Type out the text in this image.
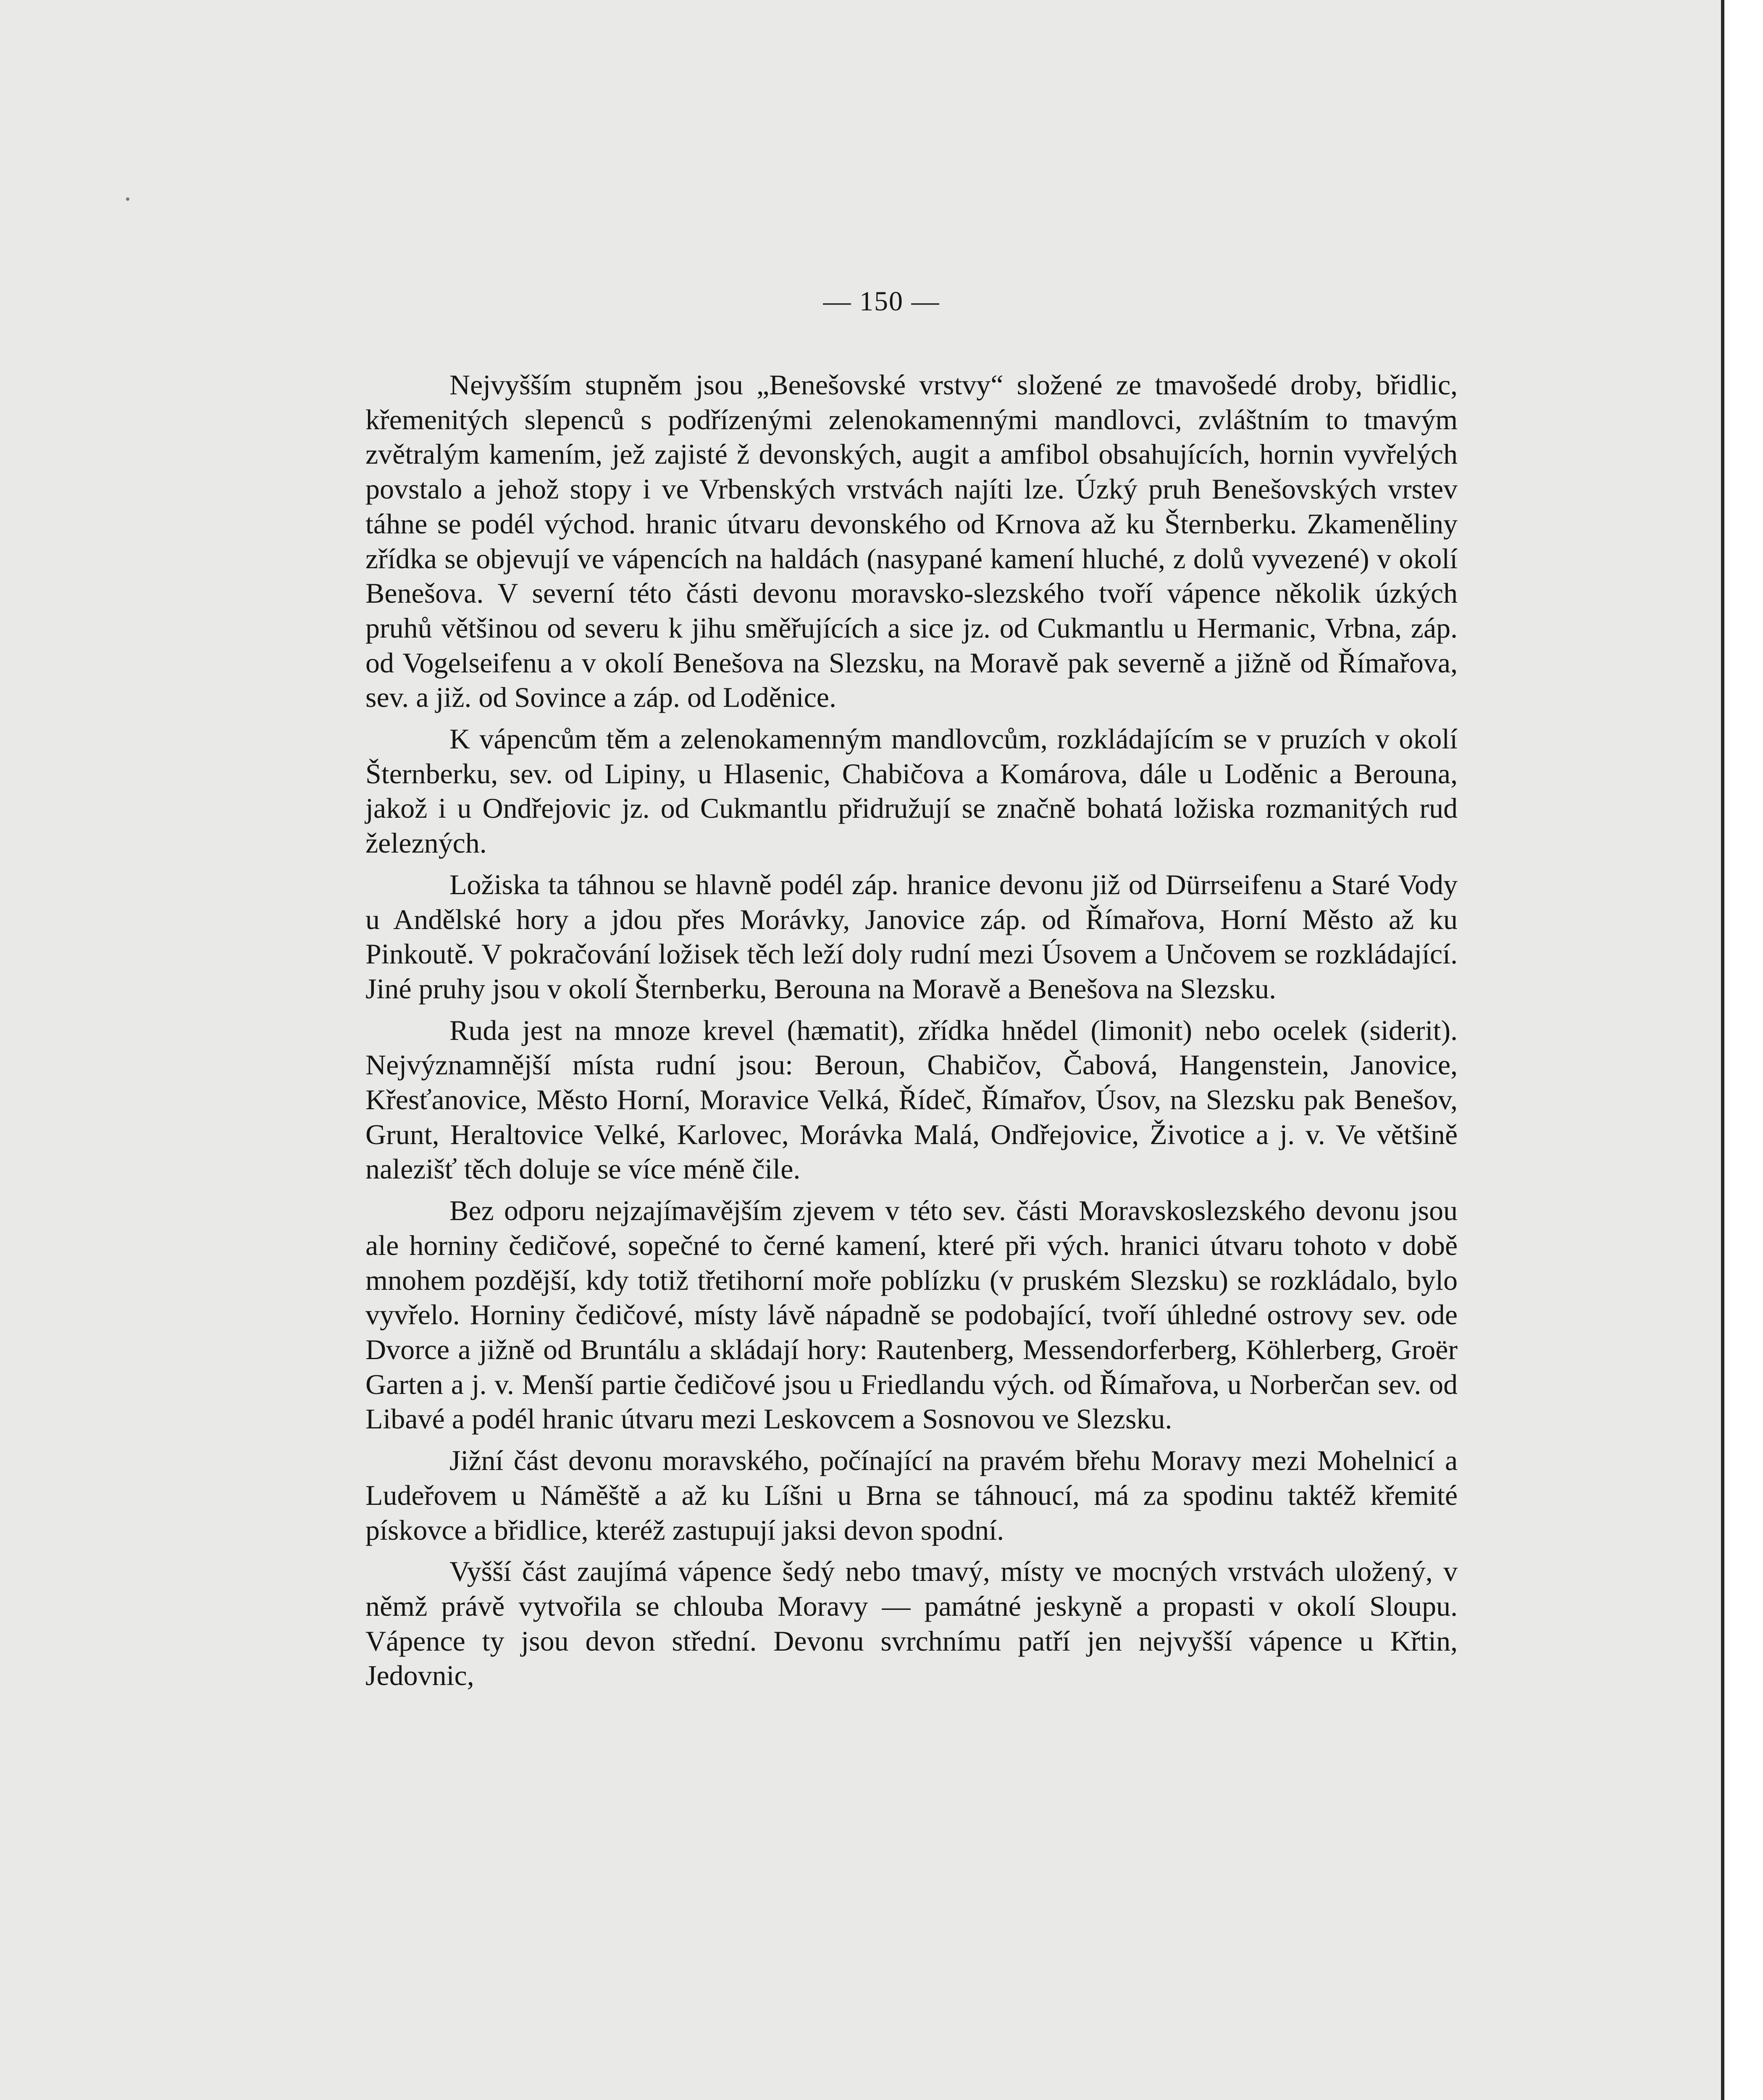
— 150 —

Nejvyšším stupněm jsou „Benešovské vrstvy“ složené ze tmavošedé droby, břidlic, křemenitých slepenců s podřízenými zelenokamennými mandlovci, zvláštním to tmavým zvětralým kamením, jež zajisté ž devonských, augit a amfibol obsahujících, hornin vyvřelých povstalo a jehož stopy i ve Vrbenských vrstvách najíti lze. Úzký pruh Benešovských vrstev táhne se podél východ. hranic útvaru devonského od Krnova až ku Šternberku. Zkameněliny zřídka se objevují ve vápencích na haldách (nasypané kamení hluché, z dolů vyvezené) v okolí Benešova. V severní této části devonu moravsko-slezského tvoří vápence několik úzkých pruhů většinou od severu k jihu směřujících a sice jz. od Cukmantlu u Hermanic, Vrbna, záp. od Vogelseifenu a v okolí Benešova na Slezsku, na Moravě pak severně a jižně od Římařova, sev. a již. od Sovince a záp. od Loděnice.

K vápencům těm a zelenokamenným mandlovcům, rozkládajícím se v pruzích v okolí Šternberku, sev. od Lipiny, u Hlasenic, Chabičova a Komárova, dále u Loděnic a Berouna, jakož i u Ondřejovic jz. od Cukmantlu přidružují se značně bohatá ložiska rozmanitých rud železných.

Ložiska ta táhnou se hlavně podél záp. hranice devonu již od Dürrseifenu a Staré Vody u Andělské hory a jdou přes Morávky, Janovice záp. od Římařova, Horní Město až ku Pinkoutě. V pokračování ložisek těch leží doly rudní mezi Úsovem a Unčovem se rozkládající. Jiné pruhy jsou v okolí Šternberku, Berouna na Moravě a Benešova na Slezsku.

Ruda jest na mnoze krevel (hæmatit), zřídka hnědel (limonit) nebo ocelek (siderit). Nejvýznamnější místa rudní jsou: Beroun, Chabičov, Čabová, Hangenstein, Janovice, Křesťanovice, Město Horní, Moravice Velká, Řídeč, Římařov, Úsov, na Slezsku pak Benešov, Grunt, Heraltovice Velké, Karlovec, Morávka Malá, Ondřejovice, Životice a j. v. Ve většině nalezišť těch doluje se více méně čile.

Bez odporu nejzajímavějším zjevem v této sev. části Moravskoslezského devonu jsou ale horniny čedičové, sopečné to černé kamení, které při vých. hranici útvaru tohoto v době mnohem pozdější, kdy totiž třetihorní moře poblízku (v pruském Slezsku) se rozkládalo, bylo vyvřelo. Horniny čedičové, místy lávě nápadně se podobající, tvoří úhledné ostrovy sev. ode Dvorce a jižně od Bruntálu a skládají hory: Rautenberg, Messendorferberg, Köhlerberg, Groër Garten a j. v. Menší partie čedičové jsou u Friedlandu vých. od Římařova, u Norberčan sev. od Libavé a podél hranic útvaru mezi Leskovcem a Sosnovou ve Slezsku.

Jižní část devonu moravského, počínající na pravém břehu Moravy mezi Mohelnicí a Ludeřovem u Náměště a až ku Líšni u Brna se táhnoucí, má za spodinu taktéž křemité pískovce a břidlice, kteréž zastupují jaksi devon spodní.

Vyšší část zaujímá vápence šedý nebo tmavý, místy ve mocných vrstvách uložený, v němž právě vytvořila se chlouba Moravy — památné jeskyně a propasti v okolí Sloupu. Vápence ty jsou devon střední. Devonu svrchnímu patří jen nejvyšší vápence u Křtin, Jedovnic,
